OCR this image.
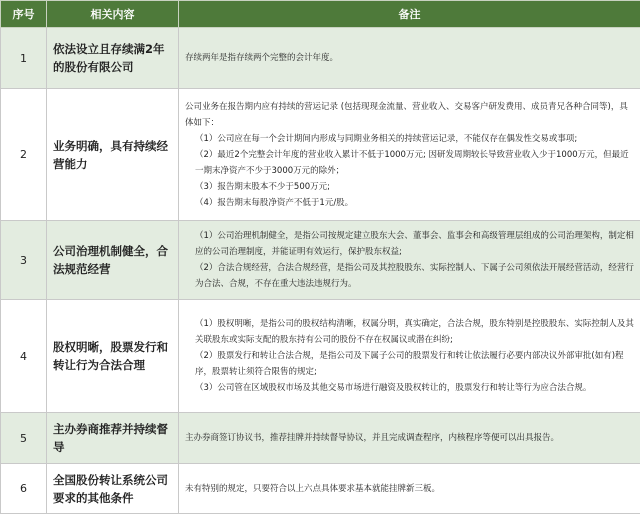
序号	相关内容	备注
1	依法设立且存续满2年的股份有限公司	存续两年是指存续两个完整的会计年度。

2	业务明确，具有持续经营能力	公司业务在报告期内应有持续的营运记录 (包括现现金流量、营业收入、交易客户研发费用、成员青兄各种合同等)，具体如下：

（1）公司应在每一个会计期间内形成与同期业务相关的持续营运记录，不能仅存在偶发性交易或事项;

（2）最近2个完整会计年度的营业收入累计不低于1000万元; 因研发周期较长导致营业收入少于1000万元，但最近一期末净资产不少于3000万元的除外；

（3）报告期末股本不少于500万元;

（4）报告期末每股净资产不低于1元/股。

3	公司治理机制健全，合法规范经营	（1）公司治理机制健全，是指公司按规定建立股东大会、董事会、监事会和高级管理层组成的公司治理架构，制定相应的公司治理制度，并能证明有效运行，保护股东权益;

（2）合法合规经营，合法合规经营，是指公司及其控股股东、实际控制人、下属子公司须依法开展经营活动，经营行为合法、合规，不存在重大违法违规行为。

4	股权明晰，股票发行和转让行为合法合理	（1）股权明晰，是指公司的股权结构清晰，权属分明，真实确定，合法合规，股东特别是控股股东、实际控制人及其关联股东或实际支配的股东持有公司的股份不存在权属议或潜在纠纷;

（2）股票发行和转让合法合规，是指公司及下属子公司的股票发行和转让依法履行必要内部决议外部审批(如有)程序，股票转让须符合限售的规定;

（3）公司管在区域股权市场及其他交易市场进行融资及股权转让的，股票发行和转让等行为应合法合规。

5	主办券商推荐并持续督导	主办券商签订协议书，推荐挂牌并持续督导协议，并且完成调查程序，内核程序等便可以出具报告。

6	全国股份转让系统公司要求的其他条件	未有特别的规定，只要符合以上六点具体要求基本就能挂牌新三板。
